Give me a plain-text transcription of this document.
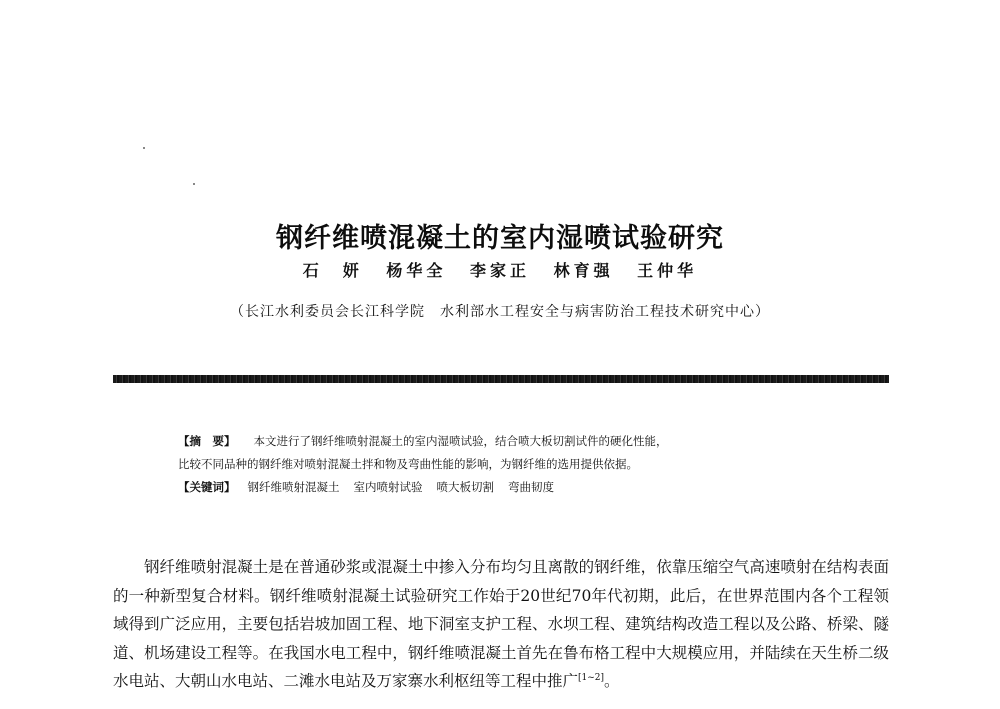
钢纤维喷混凝土的室内湿喷试验研究
石　妍 杨华全 李家正 林育强 王仲华
（长江水利委员会长江科学院　水利部水工程安全与病害防治工程技术研究中心）
【摘　要】 本文进行了钢纤维喷射混凝土的室内湿喷试验，结合喷大板切割试件的硬化性能，
比较不同品种的钢纤维对喷射混凝土拌和物及弯曲性能的影响，为钢纤维的选用提供依据。
【关键词】 钢纤维喷射混凝土 室内喷射试验 喷大板切割 弯曲韧度

钢纤维喷射混凝土是在普通砂浆或混凝土中掺入分布均匀且离散的钢纤维，依靠压缩空气高速喷射在结构表面的一种新型复合材料。钢纤维喷射混凝土试验研究工作始于20世纪70年代初期，此后，在世界范围内各个工程领域得到广泛应用，主要包括岩坡加固工程、地下洞室支护工程、水坝工程、建筑结构改造工程以及公路、桥梁、隧道、机场建设工程等。在我国水电工程中，钢纤维喷混凝土首先在鲁布格工程中大规模应用，并陆续在天生桥二级水电站、大朝山水电站、二滩水电站及万家寨水利枢纽等工程中推广[1~2]。
